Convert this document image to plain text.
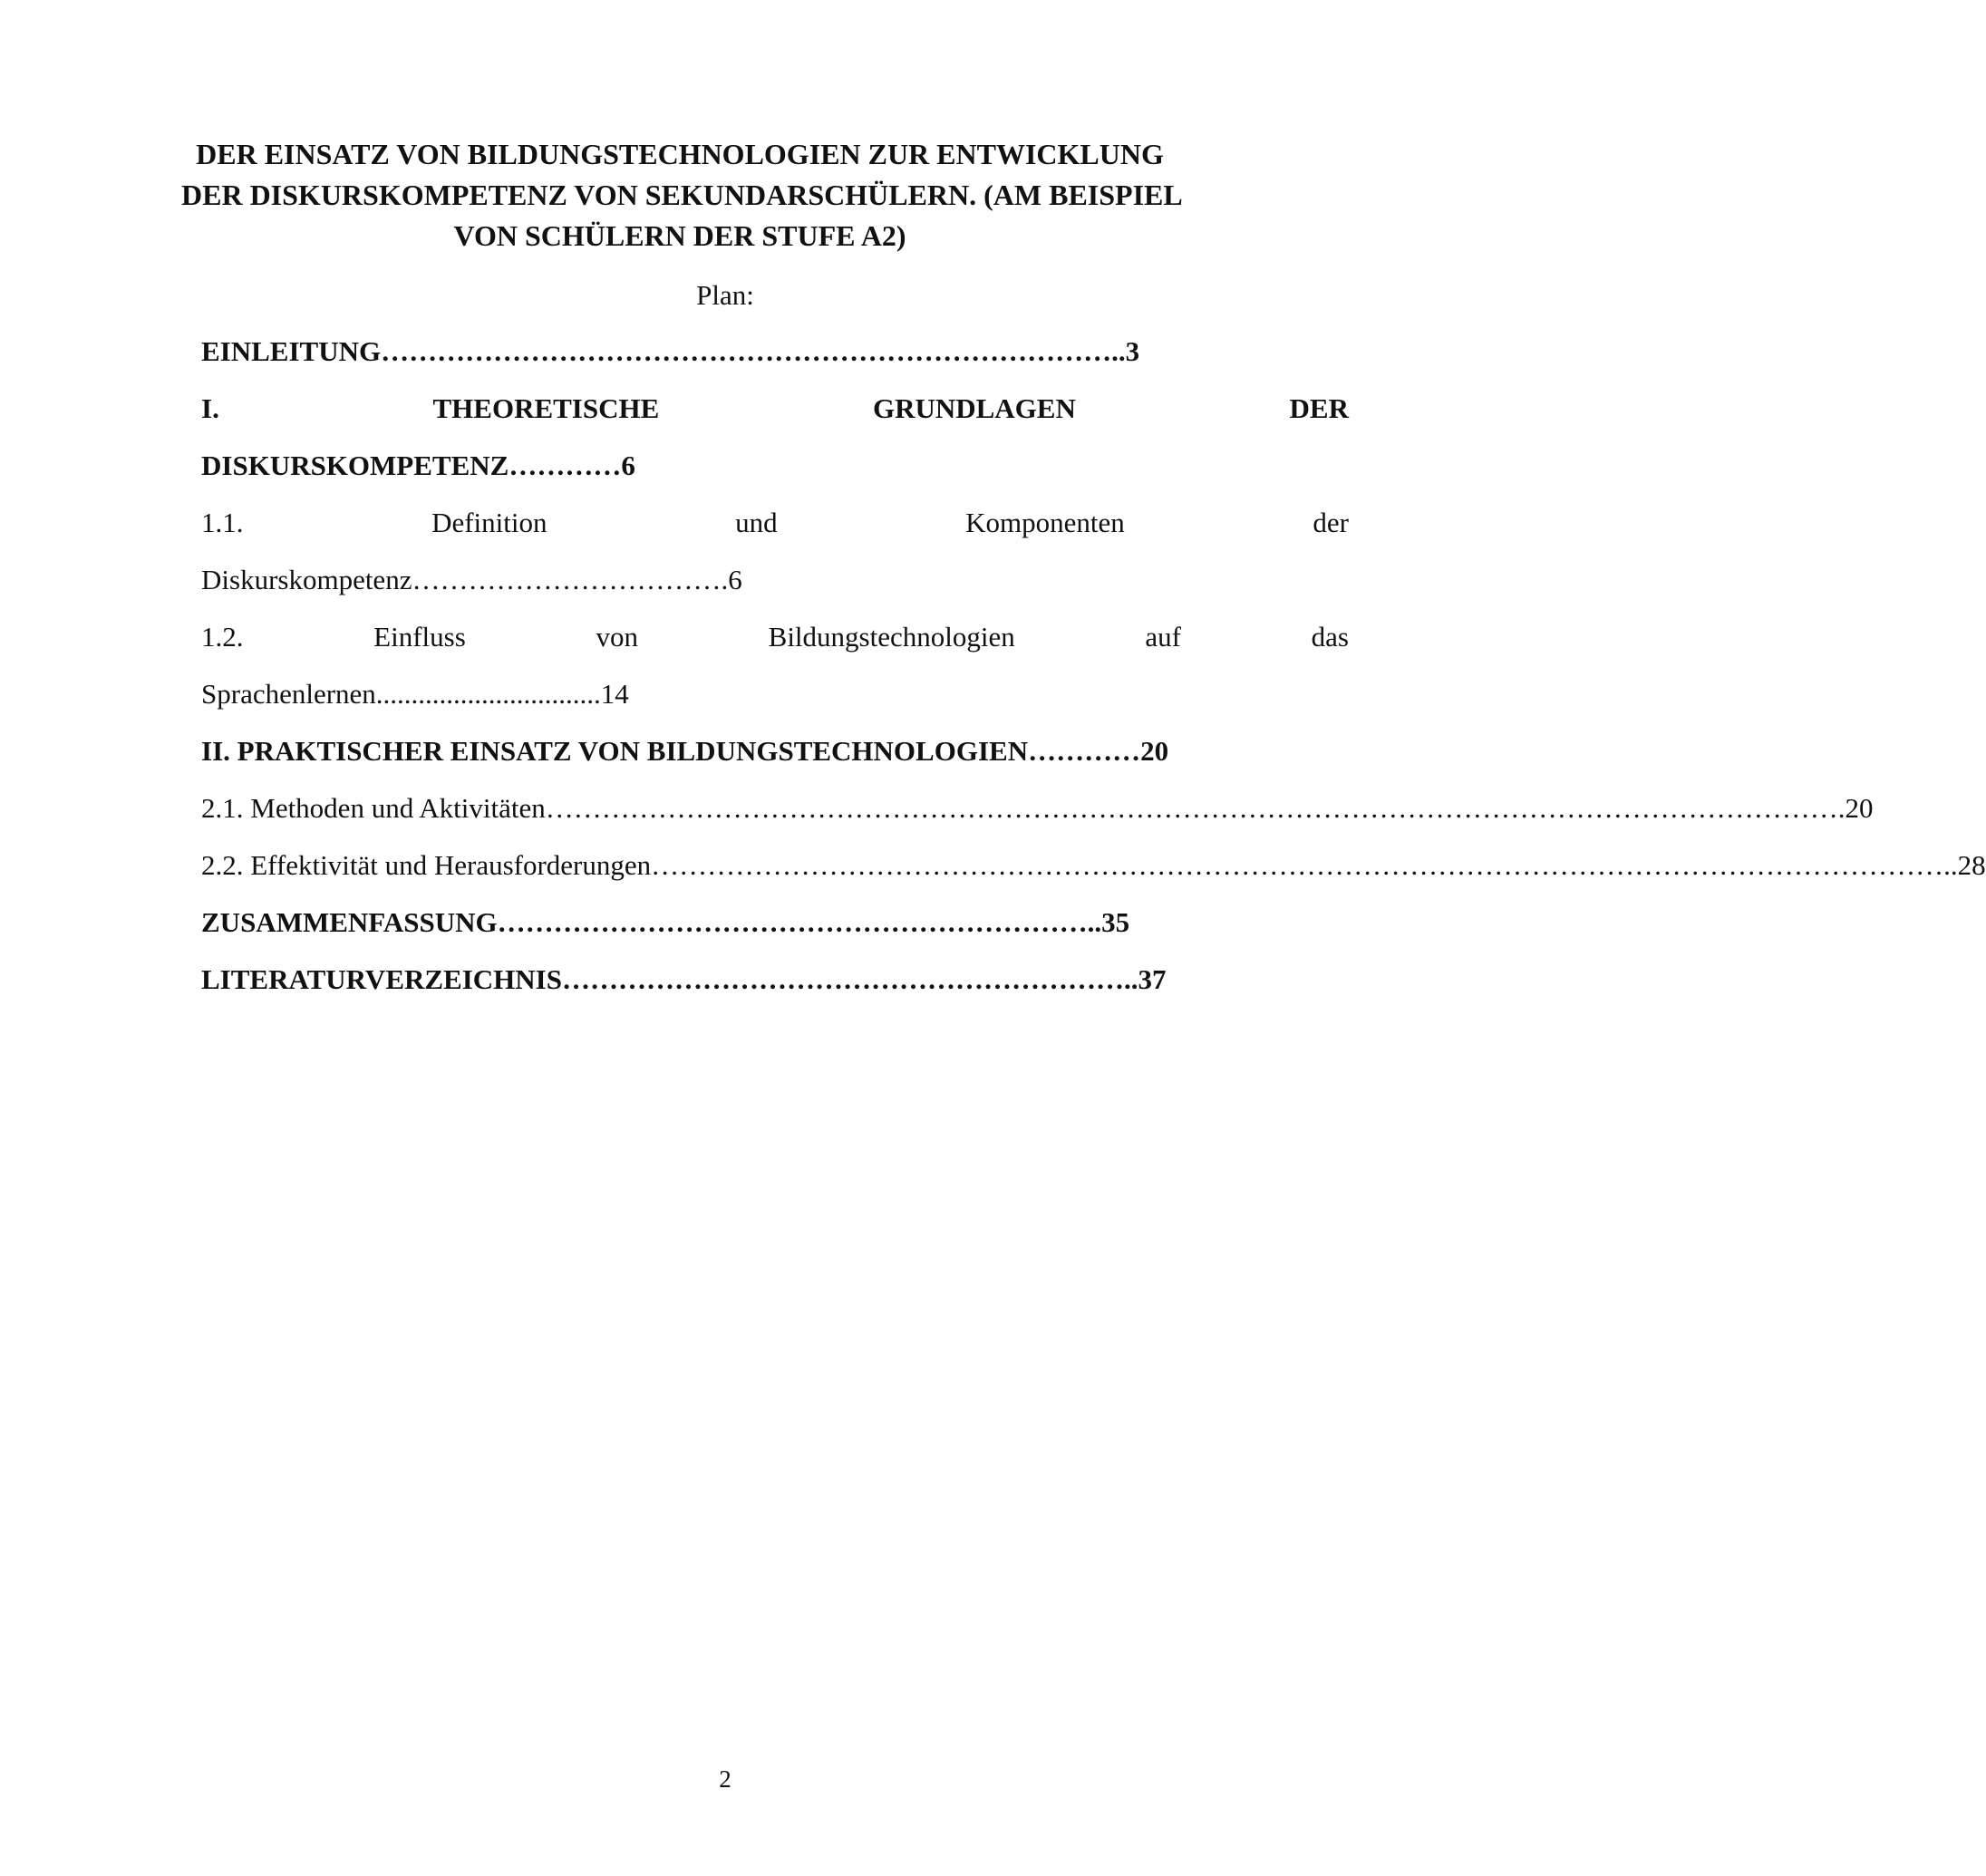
DER EINSATZ VON BILDUNGSTECHNOLOGIEN ZUR ENTWICKLUNG
DER DISKURSKOMPETENZ VON SEKUNDARSCHÜLERN. (AM BEISPIEL
VON SCHÜLERN DER STUFE A2)
Plan:
EINLEITUNG……………………………………………………………………..3
I.	THEORETISCHE	GRUNDLAGEN	DER
DISKURSKOMPETENZ…………6
1.1.	Definition	und	Komponenten	der
Diskurskompetenz…………………………….6
1.2.	Einfluss	von	Bildungstechnologien	auf	das
Sprachenlernen................................14
II. PRAKTISCHER EINSATZ VON BILDUNGSTECHNOLOGIEN…………20
2.1. Methoden und Aktivitäten ………………………………………………………………………………………………………………………… .20
2.2. Effektivität und Herausforderungen ………………………………………………………………………………………………………………………… ..28
ZUSAMMENFASSUNG………………………………………………………..35
LITERATURVERZEICHNIS……………………………………………………..37
2
